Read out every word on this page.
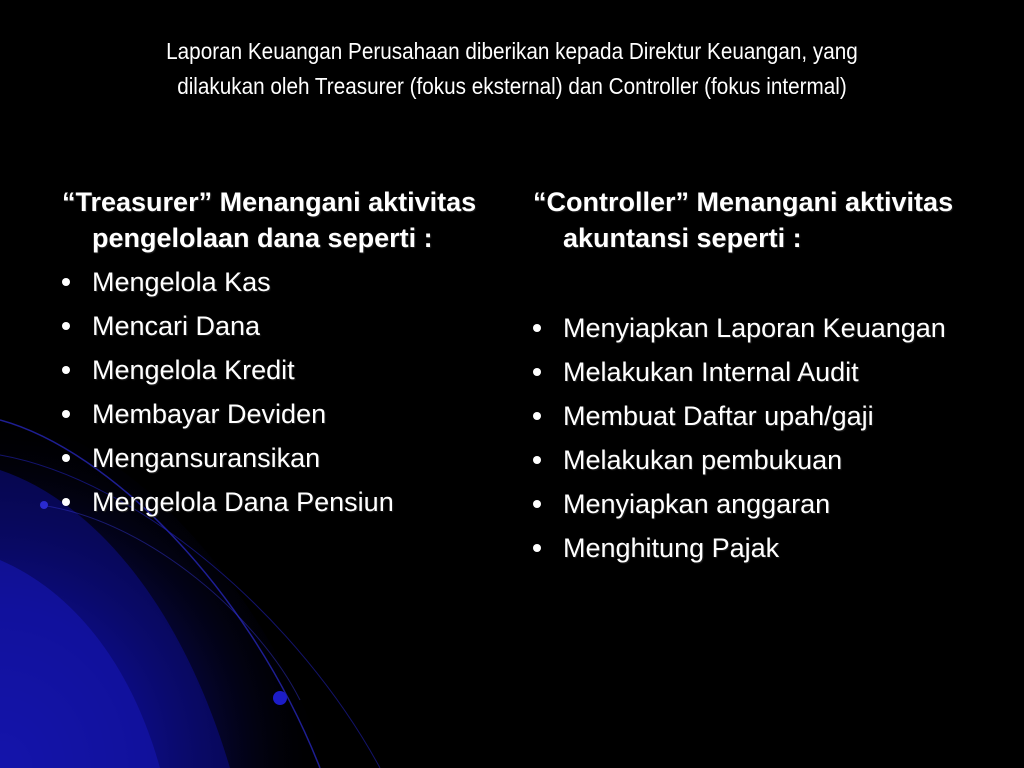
Laporan Keuangan Perusahaan diberikan kepada Direktur Keuangan, yang
dilakukan oleh Treasurer (fokus eksternal) dan Controller (fokus intermal)
“Treasurer” Menangani aktivitas pengelolaan dana seperti :
Mengelola Kas
Mencari Dana
Mengelola Kredit
Membayar Deviden
Mengansuransikan
Mengelola Dana Pensiun
“Controller” Menangani aktivitas akuntansi seperti :
Menyiapkan Laporan Keuangan
Melakukan Internal Audit
Membuat Daftar upah/gaji
Melakukan pembukuan
Menyiapkan anggaran
Menghitung Pajak
